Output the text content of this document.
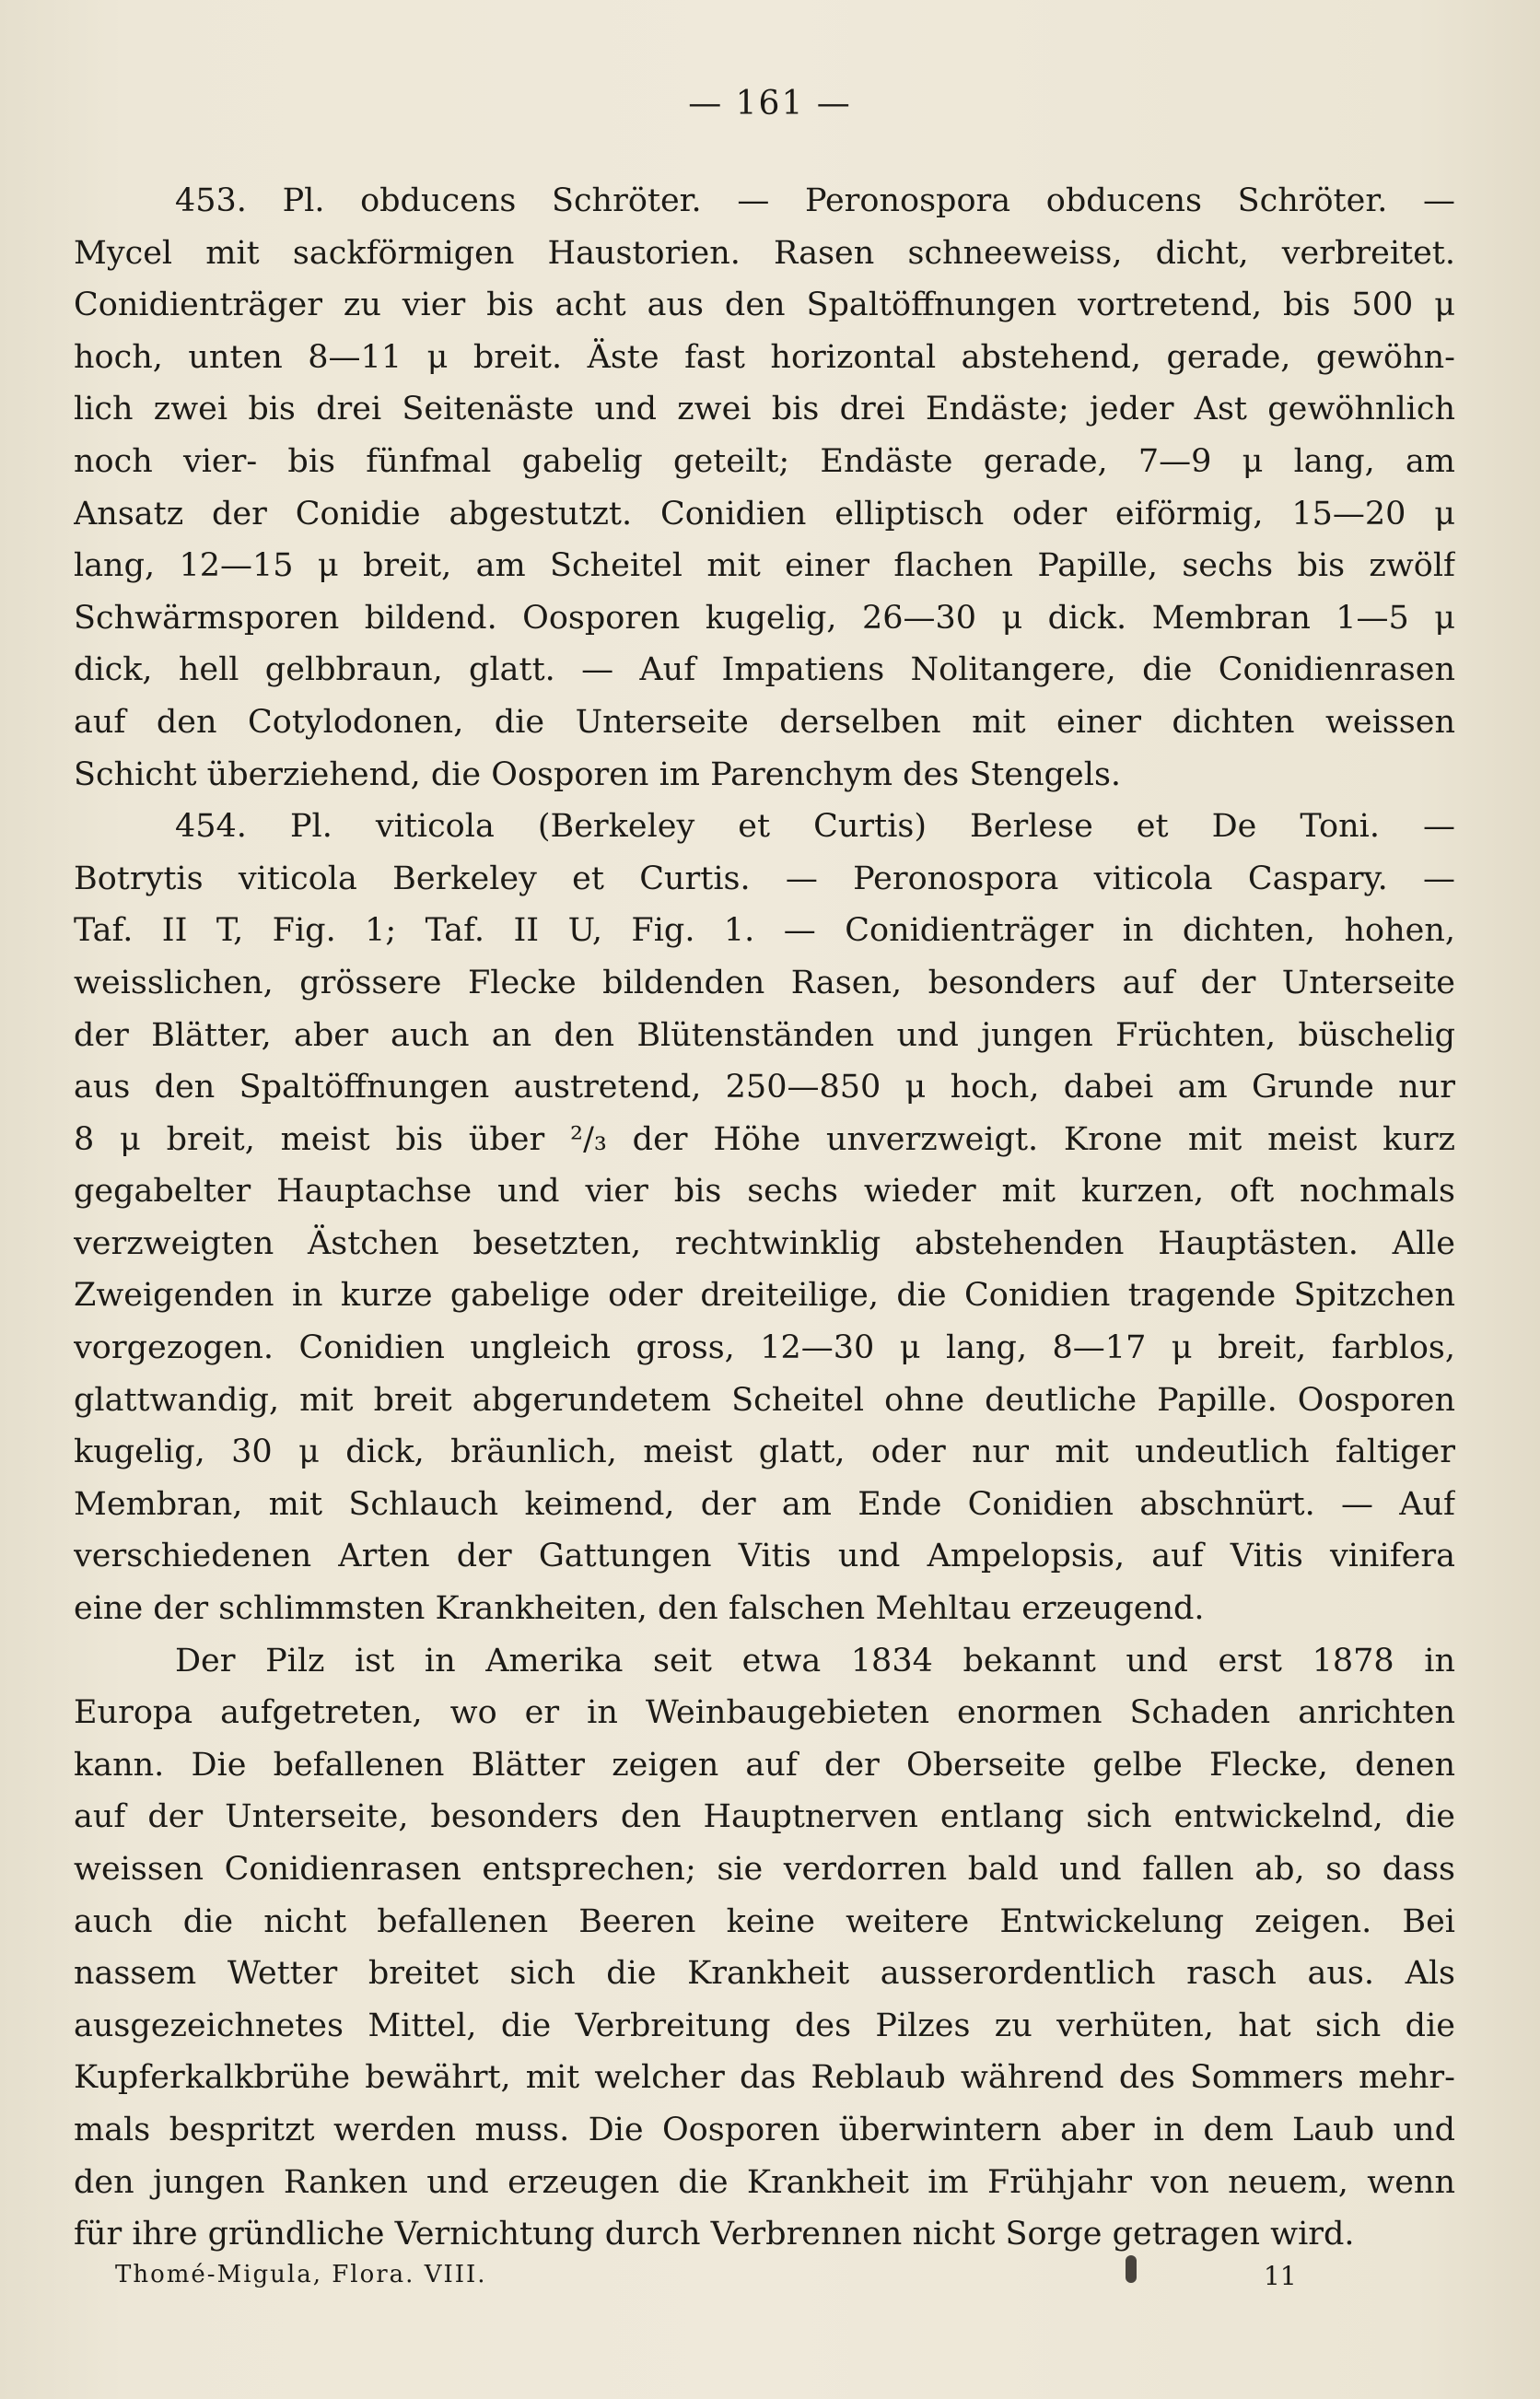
— 161 —
453. Pl. obducens Schröter. — Peronospora obducens Schröter. —
Mycel mit sackförmigen Haustorien. Rasen schneeweiss, dicht, verbreitet.
Conidienträger zu vier bis acht aus den Spaltöffnungen vortretend, bis 500 μ
hoch, unten 8—11 μ breit. Äste fast horizontal abstehend, gerade, gewöhn-
lich zwei bis drei Seitenäste und zwei bis drei Endäste; jeder Ast gewöhnlich
noch vier- bis fünfmal gabelig geteilt; Endäste gerade, 7—9 μ lang, am
Ansatz der Conidie abgestutzt. Conidien elliptisch oder eiförmig, 15—20 μ
lang, 12—15 μ breit, am Scheitel mit einer flachen Papille, sechs bis zwölf
Schwärmsporen bildend. Oosporen kugelig, 26—30 μ dick. Membran 1—5 μ
dick, hell gelbbraun, glatt. — Auf Impatiens Nolitangere, die Conidienrasen
auf den Cotylodonen, die Unterseite derselben mit einer dichten weissen
Schicht überziehend, die Oosporen im Parenchym des Stengels.
454. Pl. viticola (Berkeley et Curtis) Berlese et De Toni. —
Botrytis viticola Berkeley et Curtis. — Peronospora viticola Caspary. —
Taf. II T, Fig. 1; Taf. II U, Fig. 1. — Conidienträger in dichten, hohen,
weisslichen, grössere Flecke bildenden Rasen, besonders auf der Unterseite
der Blätter, aber auch an den Blütenständen und jungen Früchten, büschelig
aus den Spaltöffnungen austretend, 250—850 μ hoch, dabei am Grunde nur
8 μ breit, meist bis über ²/₃ der Höhe unverzweigt. Krone mit meist kurz
gegabelter Hauptachse und vier bis sechs wieder mit kurzen, oft nochmals
verzweigten Ästchen besetzten, rechtwinklig abstehenden Hauptästen. Alle
Zweigenden in kurze gabelige oder dreiteilige, die Conidien tragende Spitzchen
vorgezogen. Conidien ungleich gross, 12—30 μ lang, 8—17 μ breit, farblos,
glattwandig, mit breit abgerundetem Scheitel ohne deutliche Papille. Oosporen
kugelig, 30 μ dick, bräunlich, meist glatt, oder nur mit undeutlich faltiger
Membran, mit Schlauch keimend, der am Ende Conidien abschnürt. — Auf
verschiedenen Arten der Gattungen Vitis und Ampelopsis, auf Vitis vinifera
eine der schlimmsten Krankheiten, den falschen Mehltau erzeugend.
Der Pilz ist in Amerika seit etwa 1834 bekannt und erst 1878 in
Europa aufgetreten, wo er in Weinbaugebieten enormen Schaden anrichten
kann. Die befallenen Blätter zeigen auf der Oberseite gelbe Flecke, denen
auf der Unterseite, besonders den Hauptnerven entlang sich entwickelnd, die
weissen Conidienrasen entsprechen; sie verdorren bald und fallen ab, so dass
auch die nicht befallenen Beeren keine weitere Entwickelung zeigen. Bei
nassem Wetter breitet sich die Krankheit ausserordentlich rasch aus. Als
ausgezeichnetes Mittel, die Verbreitung des Pilzes zu verhüten, hat sich die
Kupferkalkbrühe bewährt, mit welcher das Reblaub während des Sommers mehr-
mals bespritzt werden muss. Die Oosporen überwintern aber in dem Laub und
den jungen Ranken und erzeugen die Krankheit im Frühjahr von neuem, wenn
für ihre gründliche Vernichtung durch Verbrennen nicht Sorge getragen wird.
Thomé-Migula, Flora. VIII.	11
